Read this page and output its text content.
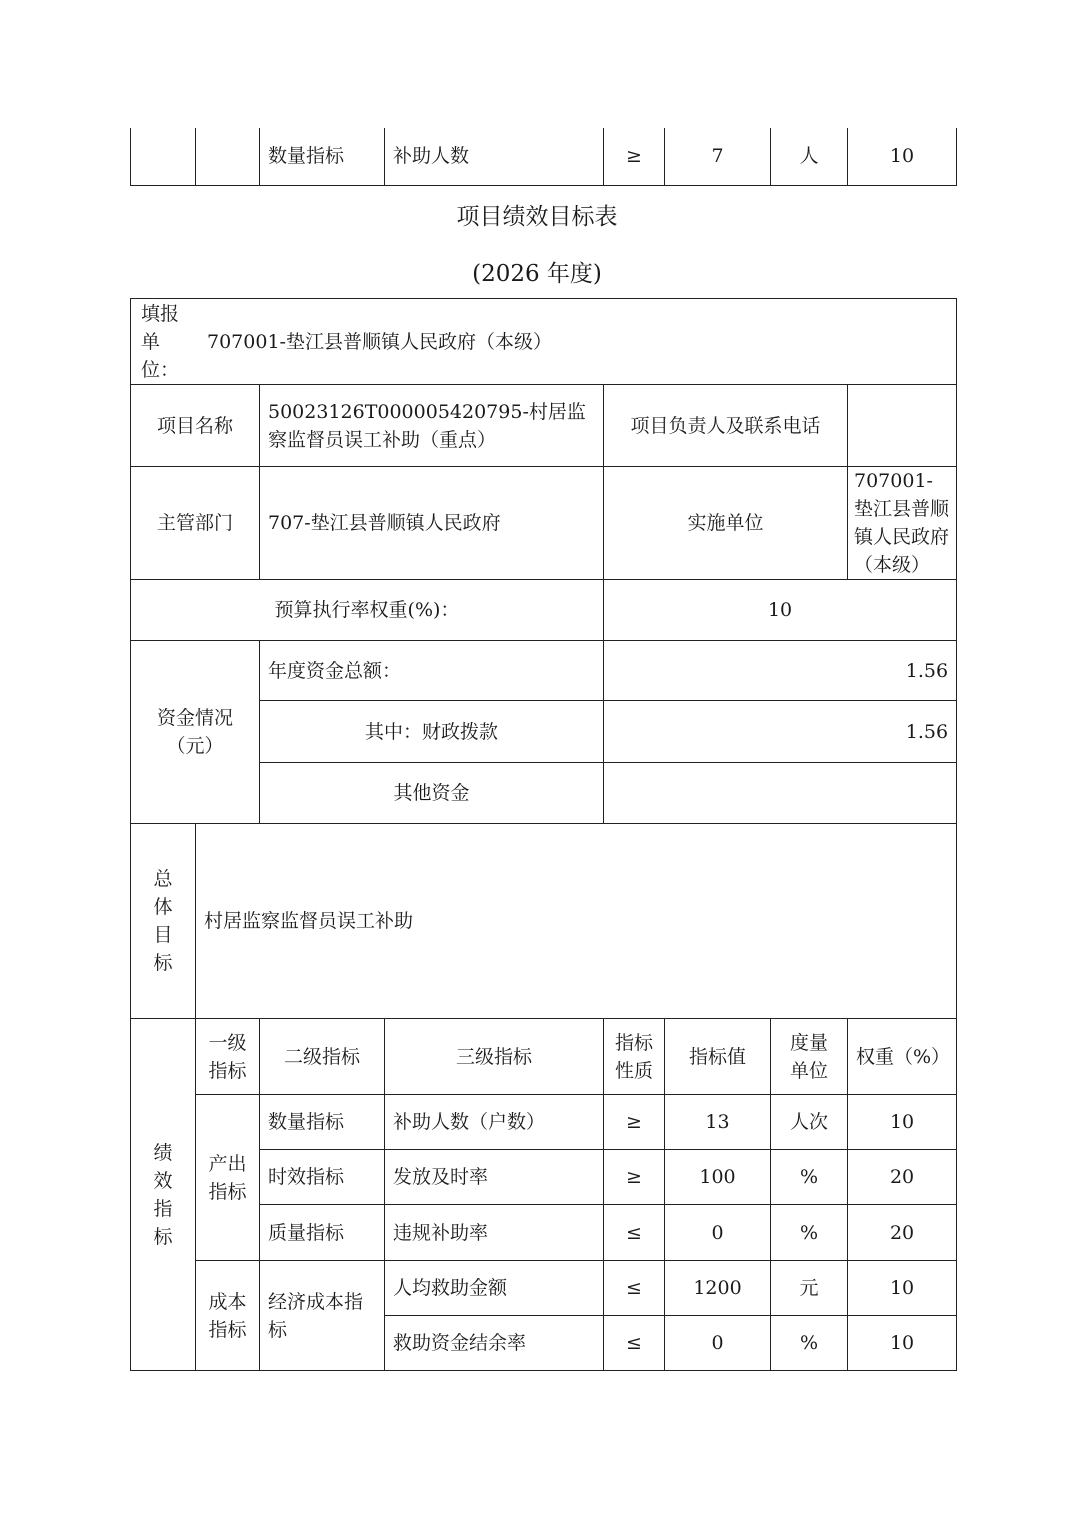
		数量指标	补助人数	≥	7	人	10
项目绩效目标表
(2026 年度)
填报
单
位：
707001-垫江县普顺镇人民政府（本级）							

项目名称		50023126T000005420795-村居监察监督员误工补助（重点）		项目负责人及联系电话			
主管部门		707-垫江县普顺镇人民政府		实施单位			707001-垫江县普顺镇人民政府（本级）
预算执行率权重(%)：				10			
资金情况（元）		年度资金总额：		1.56			
		其中：财政拨款		1.56			
		其他资金					
总
体
目
标	村居监察监督员误工补助						
绩
效
指
标	一级指标	二级指标	三级指标	指标性质	指标值	度量单位	权重（%）
	产出指标	数量指标	补助人数（户数）	≥	13	人次	10
		时效指标	发放及时率	≥	100	%	20
		质量指标	违规补助率	≤	0	%	20
	成本指标	经济成本指标	人均救助金额	≤	1200	元	10
			救助资金结余率	≤	0	%	10
